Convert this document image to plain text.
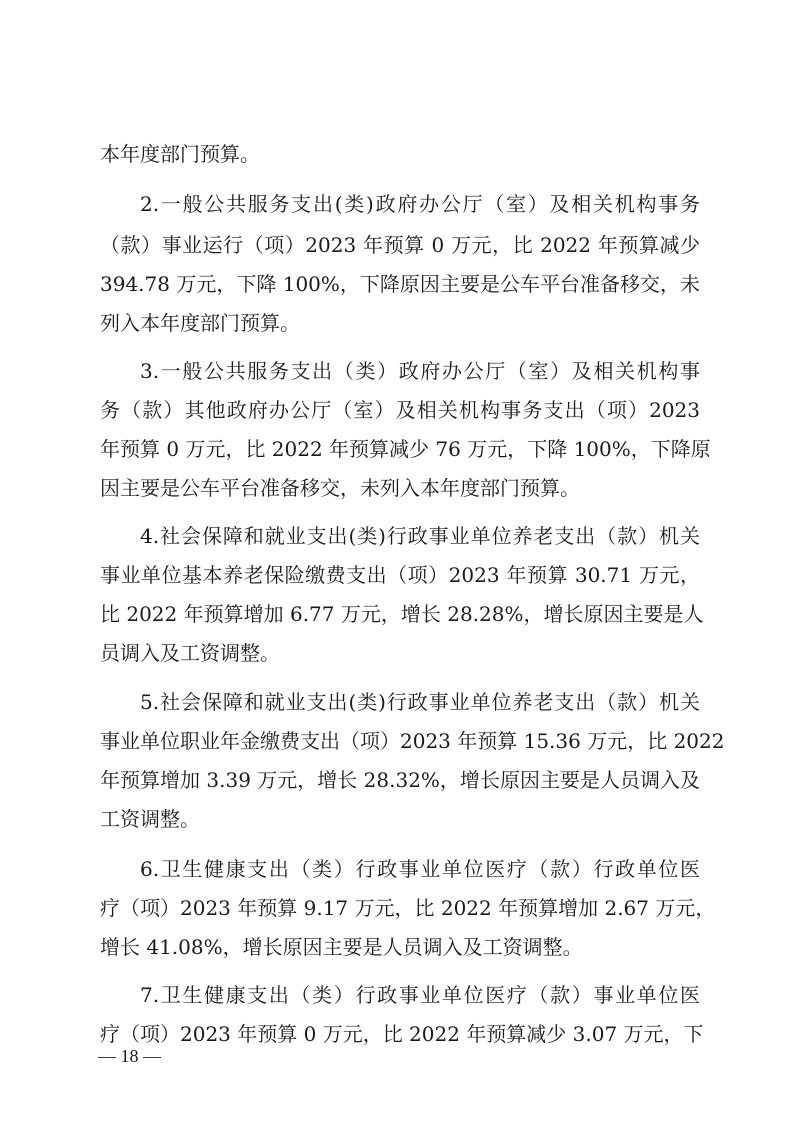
本年度部门预算。
2.一般公共服务支出(类)政府办公厅（室）及相关机构事务
（款）事业运行（项）2023 年预算 0 万元，比 2022 年预算减少
394.78 万元，下降 100%，下降原因主要是公车平台准备移交，未
列入本年度部门预算。
3.一般公共服务支出（类）政府办公厅（室）及相关机构事
务（款）其他政府办公厅（室）及相关机构事务支出（项）2023
年预算 0 万元，比 2022 年预算减少 76 万元，下降 100%，下降原
因主要是公车平台准备移交，未列入本年度部门预算。
4.社会保障和就业支出(类)行政事业单位养老支出（款）机关
事业单位基本养老保险缴费支出（项）2023 年预算 30.71 万元，
比 2022 年预算增加 6.77 万元，增长 28.28%，增长原因主要是人
员调入及工资调整。
5.社会保障和就业支出(类)行政事业单位养老支出（款）机关
事业单位职业年金缴费支出（项）2023 年预算 15.36 万元，比 2022
年预算增加 3.39 万元，增长 28.32%，增长原因主要是人员调入及
工资调整。
6.卫生健康支出（类）行政事业单位医疗（款）行政单位医
疗（项）2023 年预算 9.17 万元，比 2022 年预算增加 2.67 万元，
增长 41.08%，增长原因主要是人员调入及工资调整。
7.卫生健康支出（类）行政事业单位医疗（款）事业单位医
疗（项）2023 年预算 0 万元，比 2022 年预算减少 3.07 万元，下
— 18 —
